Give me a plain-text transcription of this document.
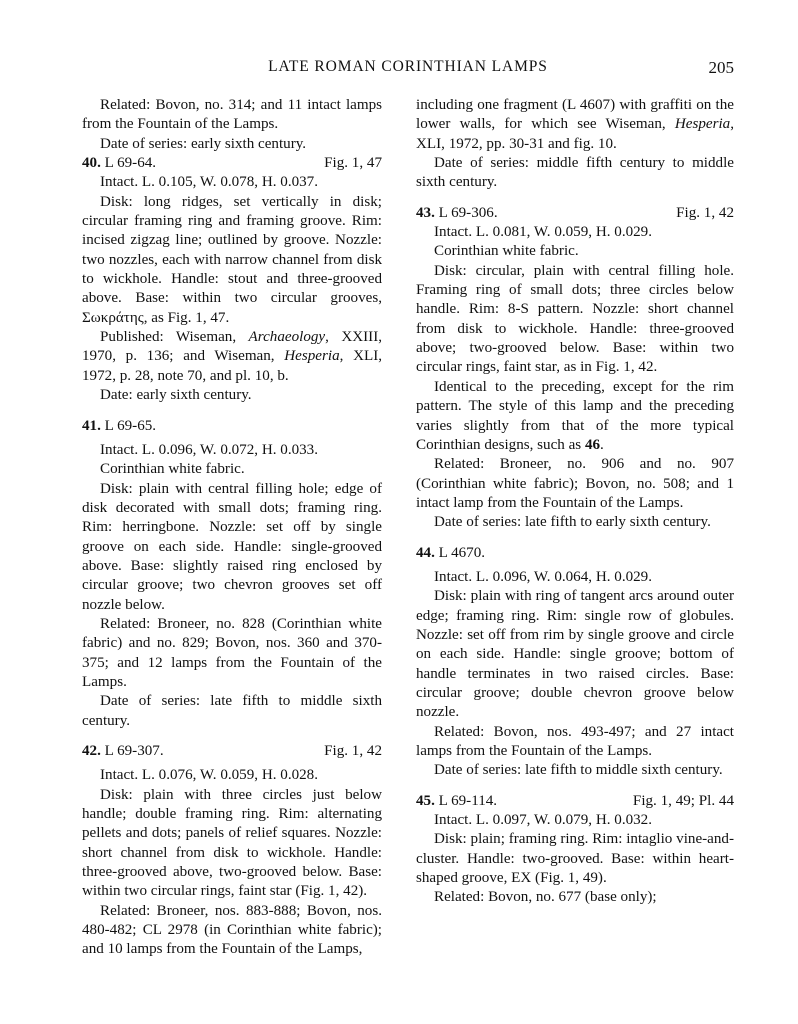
LATE ROMAN CORINTHIAN LAMPS	205

Related: Bovon, no. 314; and 11 intact lamps from the Fountain of the Lamps.

Date of series: early sixth century.

40. L 69-64.	Fig. 1, 47

Intact. L. 0.105, W. 0.078, H. 0.037.

Disk: long ridges, set vertically in disk; circular framing ring and framing groove. Rim: incised zigzag line; outlined by groove. Nozzle: two nozzles, each with narrow channel from disk to wickhole. Handle: stout and three-grooved above. Base: within two circular grooves, Σωκράτης, as Fig. 1, 47.

Published: Wiseman, Archaeology, XXIII, 1970, p. 136; and Wiseman, Hesperia, XLI, 1972, p. 28, note 70, and pl. 10, b.

Date: early sixth century.

41. L 69-65.

Intact. L. 0.096, W. 0.072, H. 0.033.

Corinthian white fabric.

Disk: plain with central filling hole; edge of disk decorated with small dots; framing ring. Rim: herringbone. Nozzle: set off by single groove on each side. Handle: single-grooved above. Base: slightly raised ring enclosed by circular groove; two chevron grooves set off nozzle below.

Related: Broneer, no. 828 (Corinthian white fabric) and no. 829; Bovon, nos. 360 and 370-375; and 12 lamps from the Fountain of the Lamps.

Date of series: late fifth to middle sixth century.

42. L 69-307.	Fig. 1, 42

Intact. L. 0.076, W. 0.059, H. 0.028.

Disk: plain with three circles just below handle; double framing ring. Rim: alternating pellets and dots; panels of relief squares. Nozzle: short channel from disk to wickhole. Handle: three-grooved above, two-grooved below. Base: within two circular rings, faint star (Fig. 1, 42).

Related: Broneer, nos. 883-888; Bovon, nos. 480-482; CL 2978 (in Corinthian white fabric); and 10 lamps from the Fountain of the Lamps,

including one fragment (L 4607) with graffiti on the lower walls, for which see Wiseman, Hesperia, XLI, 1972, pp. 30-31 and fig. 10.

Date of series: middle fifth century to middle sixth century.

43. L 69-306.	Fig. 1, 42

Intact. L. 0.081, W. 0.059, H. 0.029.

Corinthian white fabric.

Disk: circular, plain with central filling hole. Framing ring of small dots; three circles below handle. Rim: 8-S pattern. Nozzle: short channel from disk to wickhole. Handle: three-grooved above; two-grooved below. Base: within two circular rings, faint star, as in Fig. 1, 42.

Identical to the preceding, except for the rim pattern. The style of this lamp and the preceding varies slightly from that of the more typical Corinthian designs, such as 46.

Related: Broneer, no. 906 and no. 907 (Corinthian white fabric); Bovon, no. 508; and 1 intact lamp from the Fountain of the Lamps.

Date of series: late fifth to early sixth century.

44. L 4670.

Intact. L. 0.096, W. 0.064, H. 0.029.

Disk: plain with ring of tangent arcs around outer edge; framing ring. Rim: single row of globules. Nozzle: set off from rim by single groove and circle on each side. Handle: single groove; bottom of handle terminates in two raised circles. Base: circular groove; double chevron groove below nozzle.

Related: Bovon, nos. 493-497; and 27 intact lamps from the Fountain of the Lamps.

Date of series: late fifth to middle sixth century.

45. L 69-114.	Fig. 1, 49; Pl. 44

Intact. L. 0.097, W. 0.079, H. 0.032.

Disk: plain; framing ring. Rim: intaglio vine-and-cluster. Handle: two-grooved. Base: within heart-shaped groove, EX (Fig. 1, 49).

Related: Bovon, no. 677 (base only);
